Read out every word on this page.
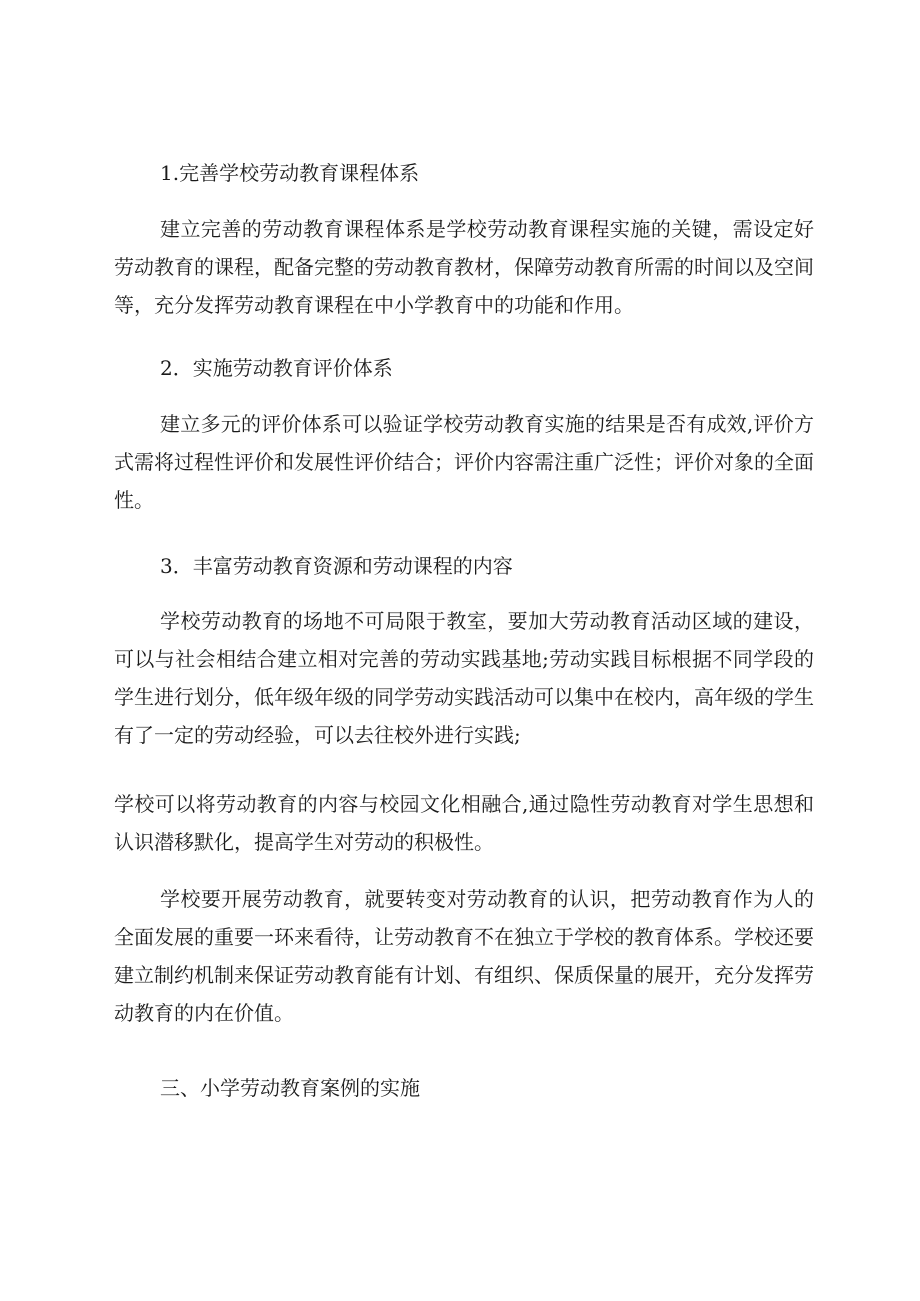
1.完善学校劳动教育课程体系

建立完善的劳动教育课程体系是学校劳动教育课程实施的关键，需设定好劳动教育的课程，配备完整的劳动教育教材，保障劳动教育所需的时间以及空间等，充分发挥劳动教育课程在中小学教育中的功能和作用。

2．实施劳动教育评价体系

建立多元的评价体系可以验证学校劳动教育实施的结果是否有成效,评价方式需将过程性评价和发展性评价结合；评价内容需注重广泛性；评价对象的全面性。

3．丰富劳动教育资源和劳动课程的内容

学校劳动教育的场地不可局限于教室，要加大劳动教育活动区域的建设，可以与社会相结合建立相对完善的劳动实践基地;劳动实践目标根据不同学段的学生进行划分，低年级年级的同学劳动实践活动可以集中在校内，高年级的学生有了一定的劳动经验，可以去往校外进行实践;

学校可以将劳动教育的内容与校园文化相融合,通过隐性劳动教育对学生思想和认识潜移默化，提高学生对劳动的积极性。

学校要开展劳动教育，就要转变对劳动教育的认识，把劳动教育作为人的全面发展的重要一环来看待，让劳动教育不在独立于学校的教育体系。学校还要建立制约机制来保证劳动教育能有计划、有组织、保质保量的展开，充分发挥劳动教育的内在价值。

三、小学劳动教育案例的实施
